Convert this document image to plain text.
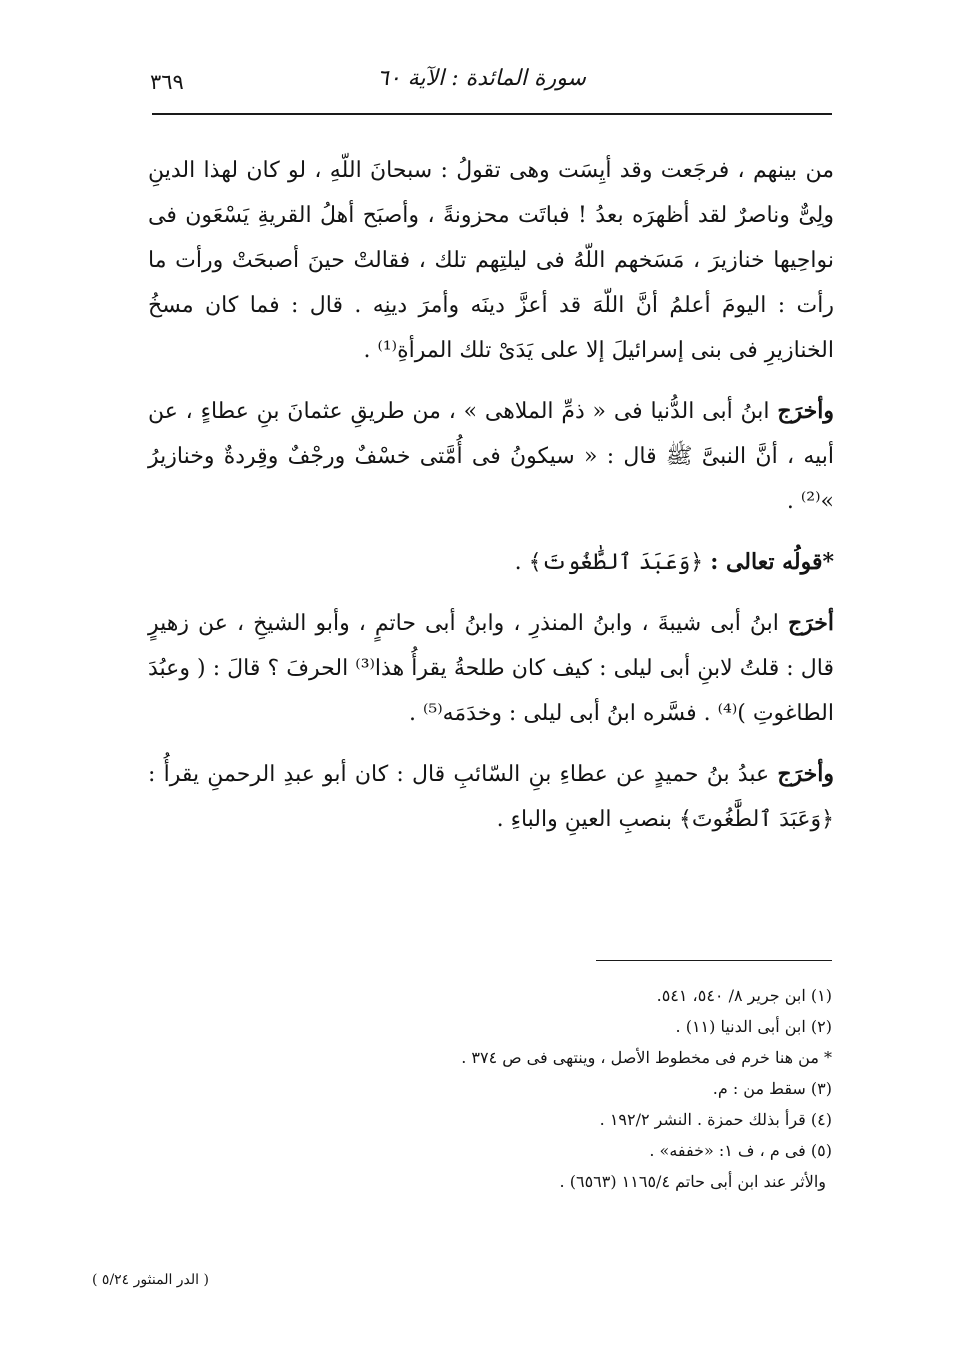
٣٦٩	سورة المائدة : الآية ٦٠

من بينهم ، فرجَعت وقد أيِسَت وهى تقولُ : سبحانَ اللّهِ ، لو كان لهذا الدينِ ولِىٌّ وناصرٌ لقد أظهرَه بعدُ ! فباتَت محزونةً ، وأصبَح أهلُ القريةِ يَسْعَون فى نواحِيها خنازيرَ ، مَسَخهم اللّهُ فى ليلتِهم تلك ، فقالتْ حينَ أصبحَتْ ورأت ما رأت : اليومَ أعلمُ أنَّ اللّهَ قد أعزَّ دينَه وأمرَ دينِه . قال : فما كان مسخُ الخنازيرِ فى بنى إسرائيلَ إلا على يَدَىْ تلك المرأةِ⁽¹⁾ .

وأخرَج ابنُ أبى الدُّنيا فى « ذمِّ الملاهى » ، من طريقِ عثمانَ بنِ عطاءٍ ، عن أبيه ، أنَّ النبىَّ ﷺ قال : « سيكونُ فى أُمَّتى خسْفٌ ورجْفٌ وقِردةٌ وخنازيرُ »⁽²⁾ .

*قولُه تعالى : ﴿وَعَبَدَ ٱلطَّٰغُوتَ﴾ .

أخرَج ابنُ أبى شيبةَ ، وابنُ المنذرِ ، وابنُ أبى حاتمٍ ، وأبو الشيخِ ، عن زهيرٍ قال : قلتُ لابنِ أبى ليلى : كيف كان طلحةُ يقرأُ هذا⁽³⁾ الحرفَ ؟ قالَ : ( وعبُدَ الطاغوتِ )⁽⁴⁾ . فسَّره ابنُ أبى ليلى : وخدَمَه⁽⁵⁾ .

وأخرَج عبدُ بنُ حميدٍ عن عطاءِ بنِ السّائبِ قال : كان أبو عبدِ الرحمنِ يقرأُ : ﴿وَعَبَدَ ٱلطَّٰغُوتَ﴾ بنصبِ العينِ والباءِ .

(١) ابن جرير ٨/ ٥٤٠، ٥٤١.
(٢) ابن أبى الدنيا (١١) .
* من هنا خرم فى مخطوط الأصل ، وينتهى فى ص ٣٧٤ .
(٣) سقط من : م.
(٤) قرأ بذلك حمزة . النشر ١٩٢/٢ .
(٥) فى م ، ف ١: «خففه» .
والأثر عند ابن أبى حاتم ١١٦٥/٤ (٦٥٦٣) .
( الدر المنثور ٥/٢٤ )
